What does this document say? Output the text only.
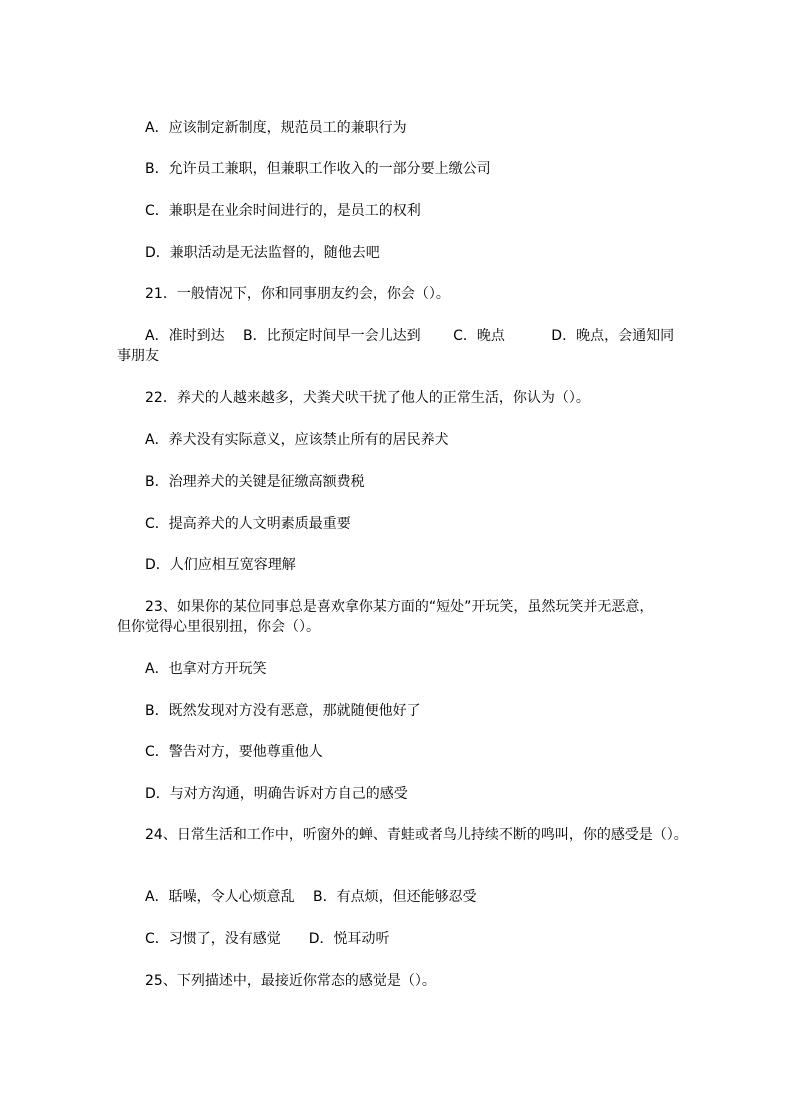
A．应该制定新制度，规范员工的兼职行为
B．允许员工兼职，但兼职工作收入的一部分要上缴公司
C．兼职是在业余时间进行的，是员工的权利
D．兼职活动是无法监督的，随他去吧
21．一般情况下，你和同事朋友约会，你会（）。
A．准时到达　 B．比预定时间早一会儿达到　　 C．晚点　　　 D．晚点，会通知同
事朋友
22．养犬的人越来越多，犬粪犬吠干扰了他人的正常生活，你认为（）。
A．养犬没有实际意义，应该禁止所有的居民养犬
B．治理养犬的关键是征缴高额费税
C．提高养犬的人文明素质最重要
D．人们应相互宽容理解
23、如果你的某位同事总是喜欢拿你某方面的“短处”开玩笑，虽然玩笑并无恶意，
但你觉得心里很别扭，你会（）。
A．也拿对方开玩笑
B．既然发现对方没有恶意，那就随便他好了
C．警告对方，要他尊重他人
D．与对方沟通，明确告诉对方自己的感受
24、日常生活和工作中，听窗外的蝉、青蛙或者鸟儿持续不断的鸣叫，你的感受是（）。
A．聒噪，令人心烦意乱　 B．有点烦，但还能够忍受
C．习惯了，没有感觉　　D．悦耳动听
25、下列描述中，最接近你常态的感觉是（）。
